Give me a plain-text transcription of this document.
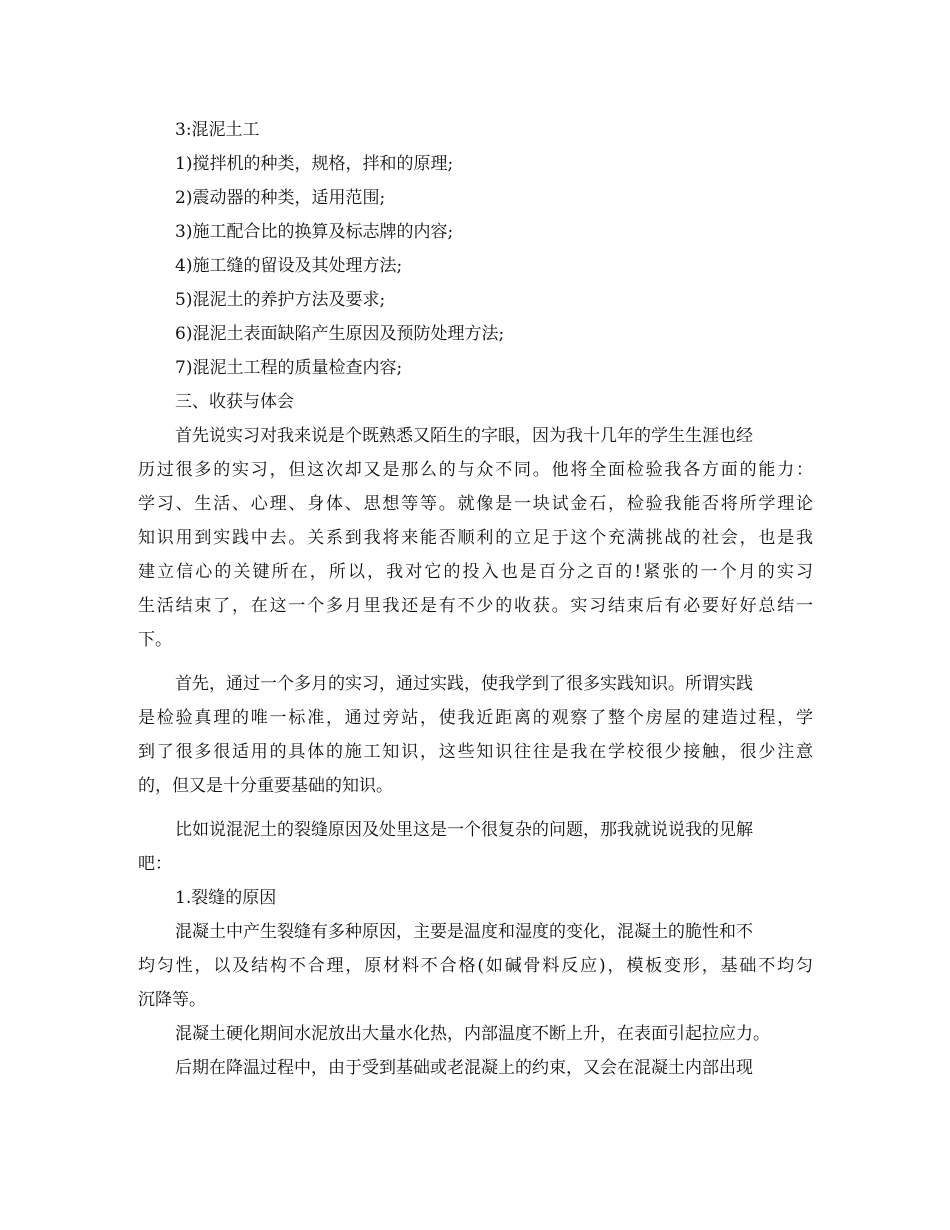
3:混泥土工
1)搅拌机的种类，规格，拌和的原理;
2)震动器的种类，适用范围;
3)施工配合比的换算及标志牌的内容;
4)施工缝的留设及其处理方法;
5)混泥土的养护方法及要求;
6)混泥土表面缺陷产生原因及预防处理方法;
7)混泥土工程的质量检查内容;
三、收获与体会
首先说实习对我来说是个既熟悉又陌生的字眼，因为我十几年的学生生涯也经
历过很多的实习，但这次却又是那么的与众不同。他将全面检验我各方面的能力：
学习、生活、心理、身体、思想等等。就像是一块试金石，检验我能否将所学理论
知识用到实践中去。关系到我将来能否顺利的立足于这个充满挑战的社会，也是我
建立信心的关键所在，所以，我对它的投入也是百分之百的!紧张的一个月的实习
生活结束了，在这一个多月里我还是有不少的收获。实习结束后有必要好好总结一
下。
首先，通过一个多月的实习，通过实践，使我学到了很多实践知识。所谓实践
是检验真理的唯一标准，通过旁站，使我近距离的观察了整个房屋的建造过程，学
到了很多很适用的具体的施工知识，这些知识往往是我在学校很少接触，很少注意
的，但又是十分重要基础的知识。
比如说混泥土的裂缝原因及处里这是一个很复杂的问题，那我就说说我的见解
吧：
1.裂缝的原因
混凝土中产生裂缝有多种原因，主要是温度和湿度的变化，混凝土的脆性和不
均匀性，以及结构不合理，原材料不合格(如碱骨料反应)，模板变形，基础不均匀
沉降等。
混凝土硬化期间水泥放出大量水化热，内部温度不断上升，在表面引起拉应力。
后期在降温过程中，由于受到基础或老混凝上的约束，又会在混凝土内部出现
